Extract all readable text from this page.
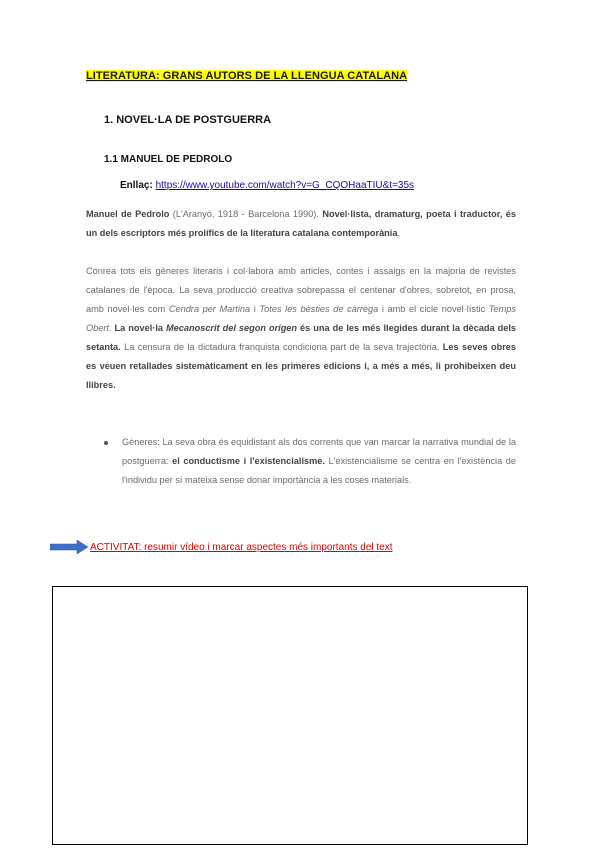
LITERATURA: GRANS AUTORS DE LA LLENGUA CATALANA
1. NOVEL·LA DE POSTGUERRA
1.1 MANUEL DE PEDROLO
Enllaç: https://www.youtube.com/watch?v=G_CQOHaaTIU&t=35s
Manuel de Pedrolo (L'Aranyó, 1918 - Barcelona 1990). Novel·lista, dramaturg, poeta i traductor, és un dels escriptors més prolífics de la literatura catalana contemporània.
Conrea tots els gèneres literaris i col·labora amb articles, contes i assaigs en la majoria de revistes catalanes de l'època. La seva producció creativa sobrepassa el centenar d'obres, sobretot, en prosa, amb novel·les com Cendra per Martina i Totes les bèsties de càrrega i amb el cicle novel·lístic Temps Obert. La novel·la Mecanoscrit del segon origen és una de les més llegides durant la dècada dels setanta. La censura de la dictadura franquista condiciona part de la seva trajectòria. Les seves obres es veuen retallades sistemàticament en les primeres edicions i, a més a més, li prohibeixen deu llibres.
Gèneres: La seva obra és equidistant als dos corrents que van marcar la narrativa mundial de la postguerra: el conductisme i l'existencialisme. L'existencialisme se centra en l'existència de l'individu per sí mateixa sense donar importància a les coses materials.
ACTIVITAT: resumir vídeo i marcar aspectes més importants del text
